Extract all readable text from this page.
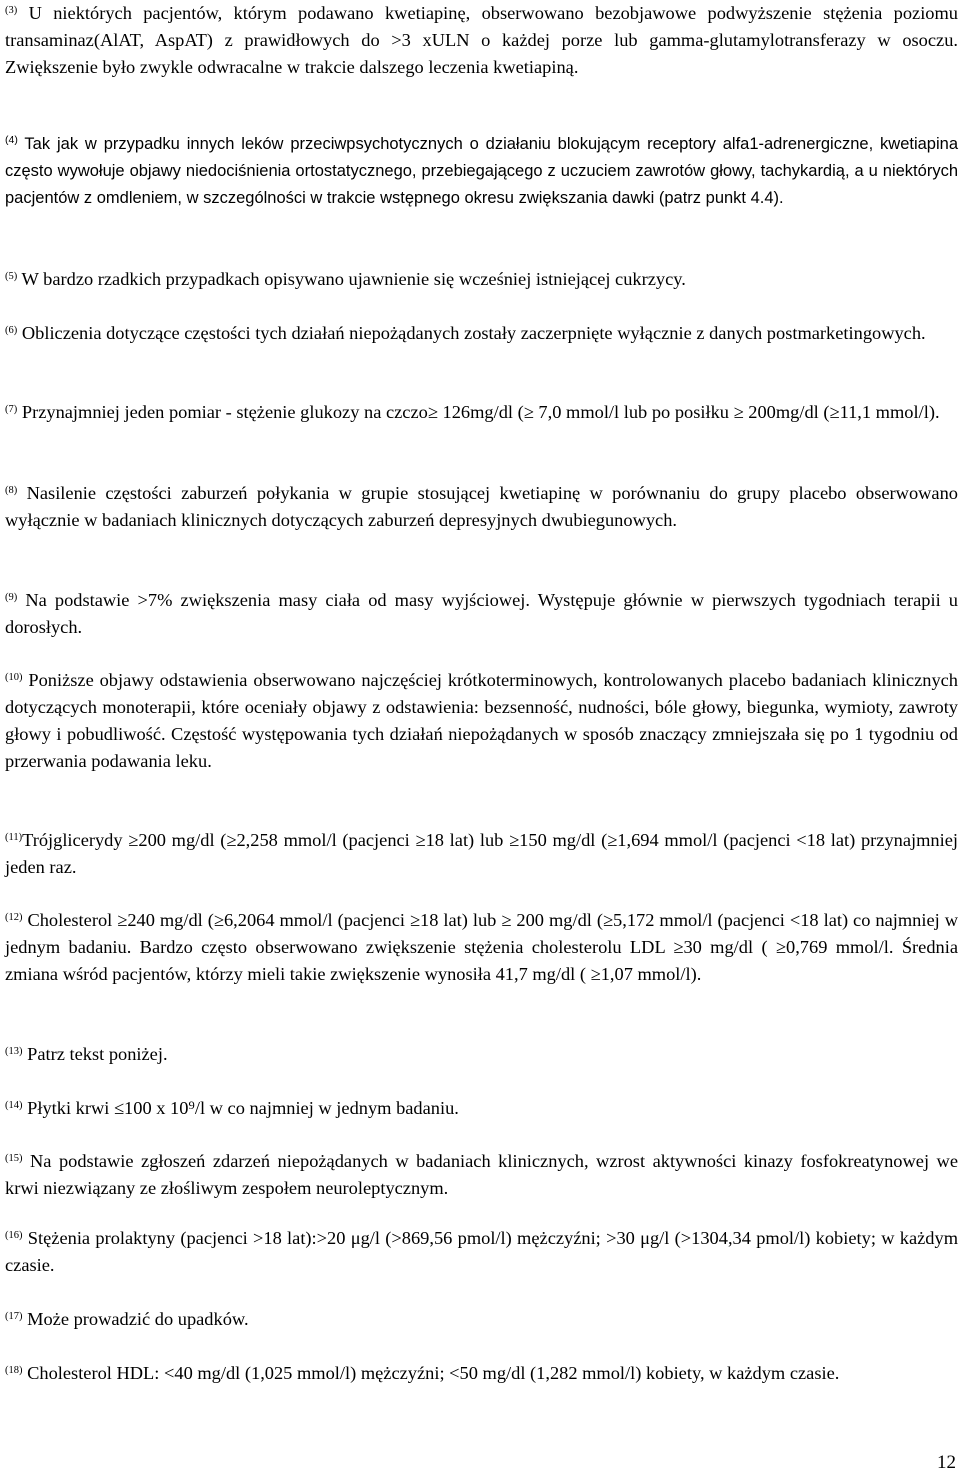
$^{(3)}$ U niektórych pacjentów, którym podawano kwetiapinę, obserwowano bezobjawowe podwyższenie stężenia poziomu transaminaz(AlAT, AspAT) z prawidłowych do >3 xULN o każdej porze lub gamma-glutamylotransferazy w osoczu. Zwiększenie było zwykle odwracalne w trakcie dalszego leczenia kwetiapiną.

$^{(4)}$ Tak jak w przypadku innych leków przeciwpsychotycznych o działaniu blokującym receptory alfa1-adrenergiczne, kwetiapina często wywołuje objawy niedociśnienia ortostatycznego, przebiegającego z uczuciem zawrotów głowy, tachykardią, a u niektórych pacjentów z omdleniem, w szczególności w trakcie wstępnego okresu zwiększania dawki (patrz punkt 4.4).

$^{(5)}$ W bardzo rzadkich przypadkach opisywano ujawnienie się wcześniej istniejącej cukrzycy.

$^{(6)}$ Obliczenia dotyczące częstości tych działań niepożądanych zostały zaczerpnięte wyłącznie z danych postmarketingowych.

$^{(7)}$ Przynajmniej jeden pomiar - stężenie glukozy na czczo≥ 126mg/dl (≥ 7,0 mmol/l lub po posiłku ≥ 200mg/dl (≥11,1 mmol/l).

$^{(8)}$ Nasilenie częstości zaburzeń połykania w grupie stosującej kwetiapinę w porównaniu do grupy placebo obserwowano wyłącznie w badaniach klinicznych dotyczących zaburzeń depresyjnych dwubiegunowych.

$^{(9)}$ Na podstawie >7% zwiększenia masy ciała od masy wyjściowej. Występuje głównie w pierwszych tygodniach terapii u dorosłych.

$^{(10)}$ Poniższe objawy odstawienia obserwowano najczęściej krótkoterminowych, kontrolowanych placebo badaniach klinicznych dotyczących monoterapii, które oceniały objawy z odstawienia: bezsenność, nudności, bóle głowy, biegunka, wymioty, zawroty głowy i pobudliwość. Częstość występowania tych działań niepożądanych w sposób znaczący zmniejszała się po 1 tygodniu od przerwania podawania leku.

$^{(11)}$Trójglicerydy ≥200 mg/dl (≥2,258 mmol/l (pacjenci ≥18 lat) lub ≥150 mg/dl (≥1,694 mmol/l (pacjenci <18 lat) przynajmniej jeden raz.

$^{(12)}$ Cholesterol ≥240 mg/dl (≥6,2064 mmol/l (pacjenci ≥18 lat) lub ≥ 200 mg/dl (≥5,172 mmol/l (pacjenci <18 lat) co najmniej w jednym badaniu. Bardzo często obserwowano zwiększenie stężenia cholesterolu LDL ≥30 mg/dl ( ≥0,769 mmol/l. Średnia zmiana wśród pacjentów, którzy mieli takie zwiększenie wynosiła 41,7 mg/dl ( ≥1,07 mmol/l).

$^{(13)}$ Patrz tekst poniżej.

$^{(14)}$ Płytki krwi ≤100 x 10⁹/l w co najmniej w jednym badaniu.

$^{(15)}$ Na podstawie zgłoszeń zdarzeń niepożądanych w badaniach klinicznych, wzrost aktywności kinazy fosfokreatynowej we krwi niezwiązany ze złośliwym zespołem neuroleptycznym.

$^{(16)}$ Stężenia prolaktyny (pacjenci >18 lat):>20 μg/l (>869,56 pmol/l) mężczyźni; >30 μg/l (>1304,34 pmol/l) kobiety; w każdym czasie.

$^{(17)}$ Może prowadzić do upadków.

$^{(18)}$ Cholesterol HDL: <40 mg/dl (1,025 mmol/l) mężczyźni; <50 mg/dl (1,282 mmol/l) kobiety, w każdym czasie.

12
